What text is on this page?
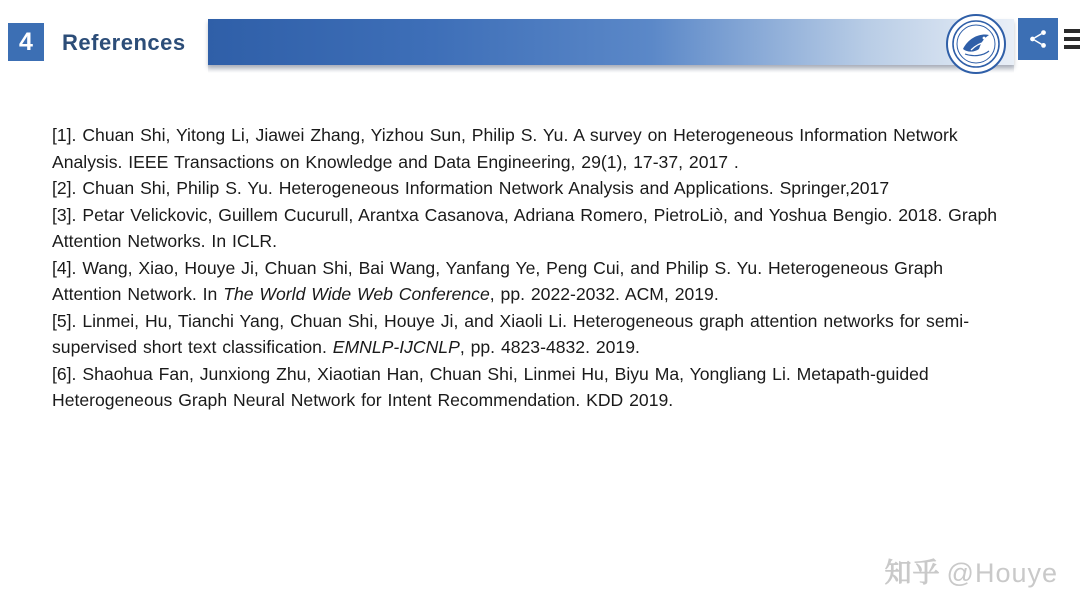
4	References

[1]. Chuan Shi, Yitong Li, Jiawei Zhang, Yizhou Sun, Philip S. Yu. A survey on Heterogeneous Information Network Analysis. IEEE Transactions on Knowledge and Data Engineering, 29(1), 17-37, 2017 .

[2]. Chuan Shi, Philip S. Yu. Heterogeneous Information Network Analysis and Applications. Springer,2017

[3]. Petar Velickovic, Guillem Cucurull, Arantxa Casanova, Adriana Romero, PietroLiò, and Yoshua Bengio. 2018. Graph Attention Networks. In ICLR.

[4]. Wang, Xiao, Houye Ji, Chuan Shi, Bai Wang, Yanfang Ye, Peng Cui, and Philip S. Yu. Heterogeneous Graph Attention Network. In The World Wide Web Conference, pp. 2022-2032. ACM, 2019.

[5]. Linmei, Hu, Tianchi Yang, Chuan Shi, Houye Ji, and Xiaoli Li. Heterogeneous graph attention networks for semi-supervised short text classification. EMNLP-IJCNLP, pp. 4823-4832. 2019.

[6]. Shaohua Fan, Junxiong Zhu, Xiaotian Han, Chuan Shi, Linmei Hu, Biyu Ma, Yongliang Li. Metapath-guided Heterogeneous Graph Neural Network for Intent Recommendation. KDD 2019.

知乎 @Houye
